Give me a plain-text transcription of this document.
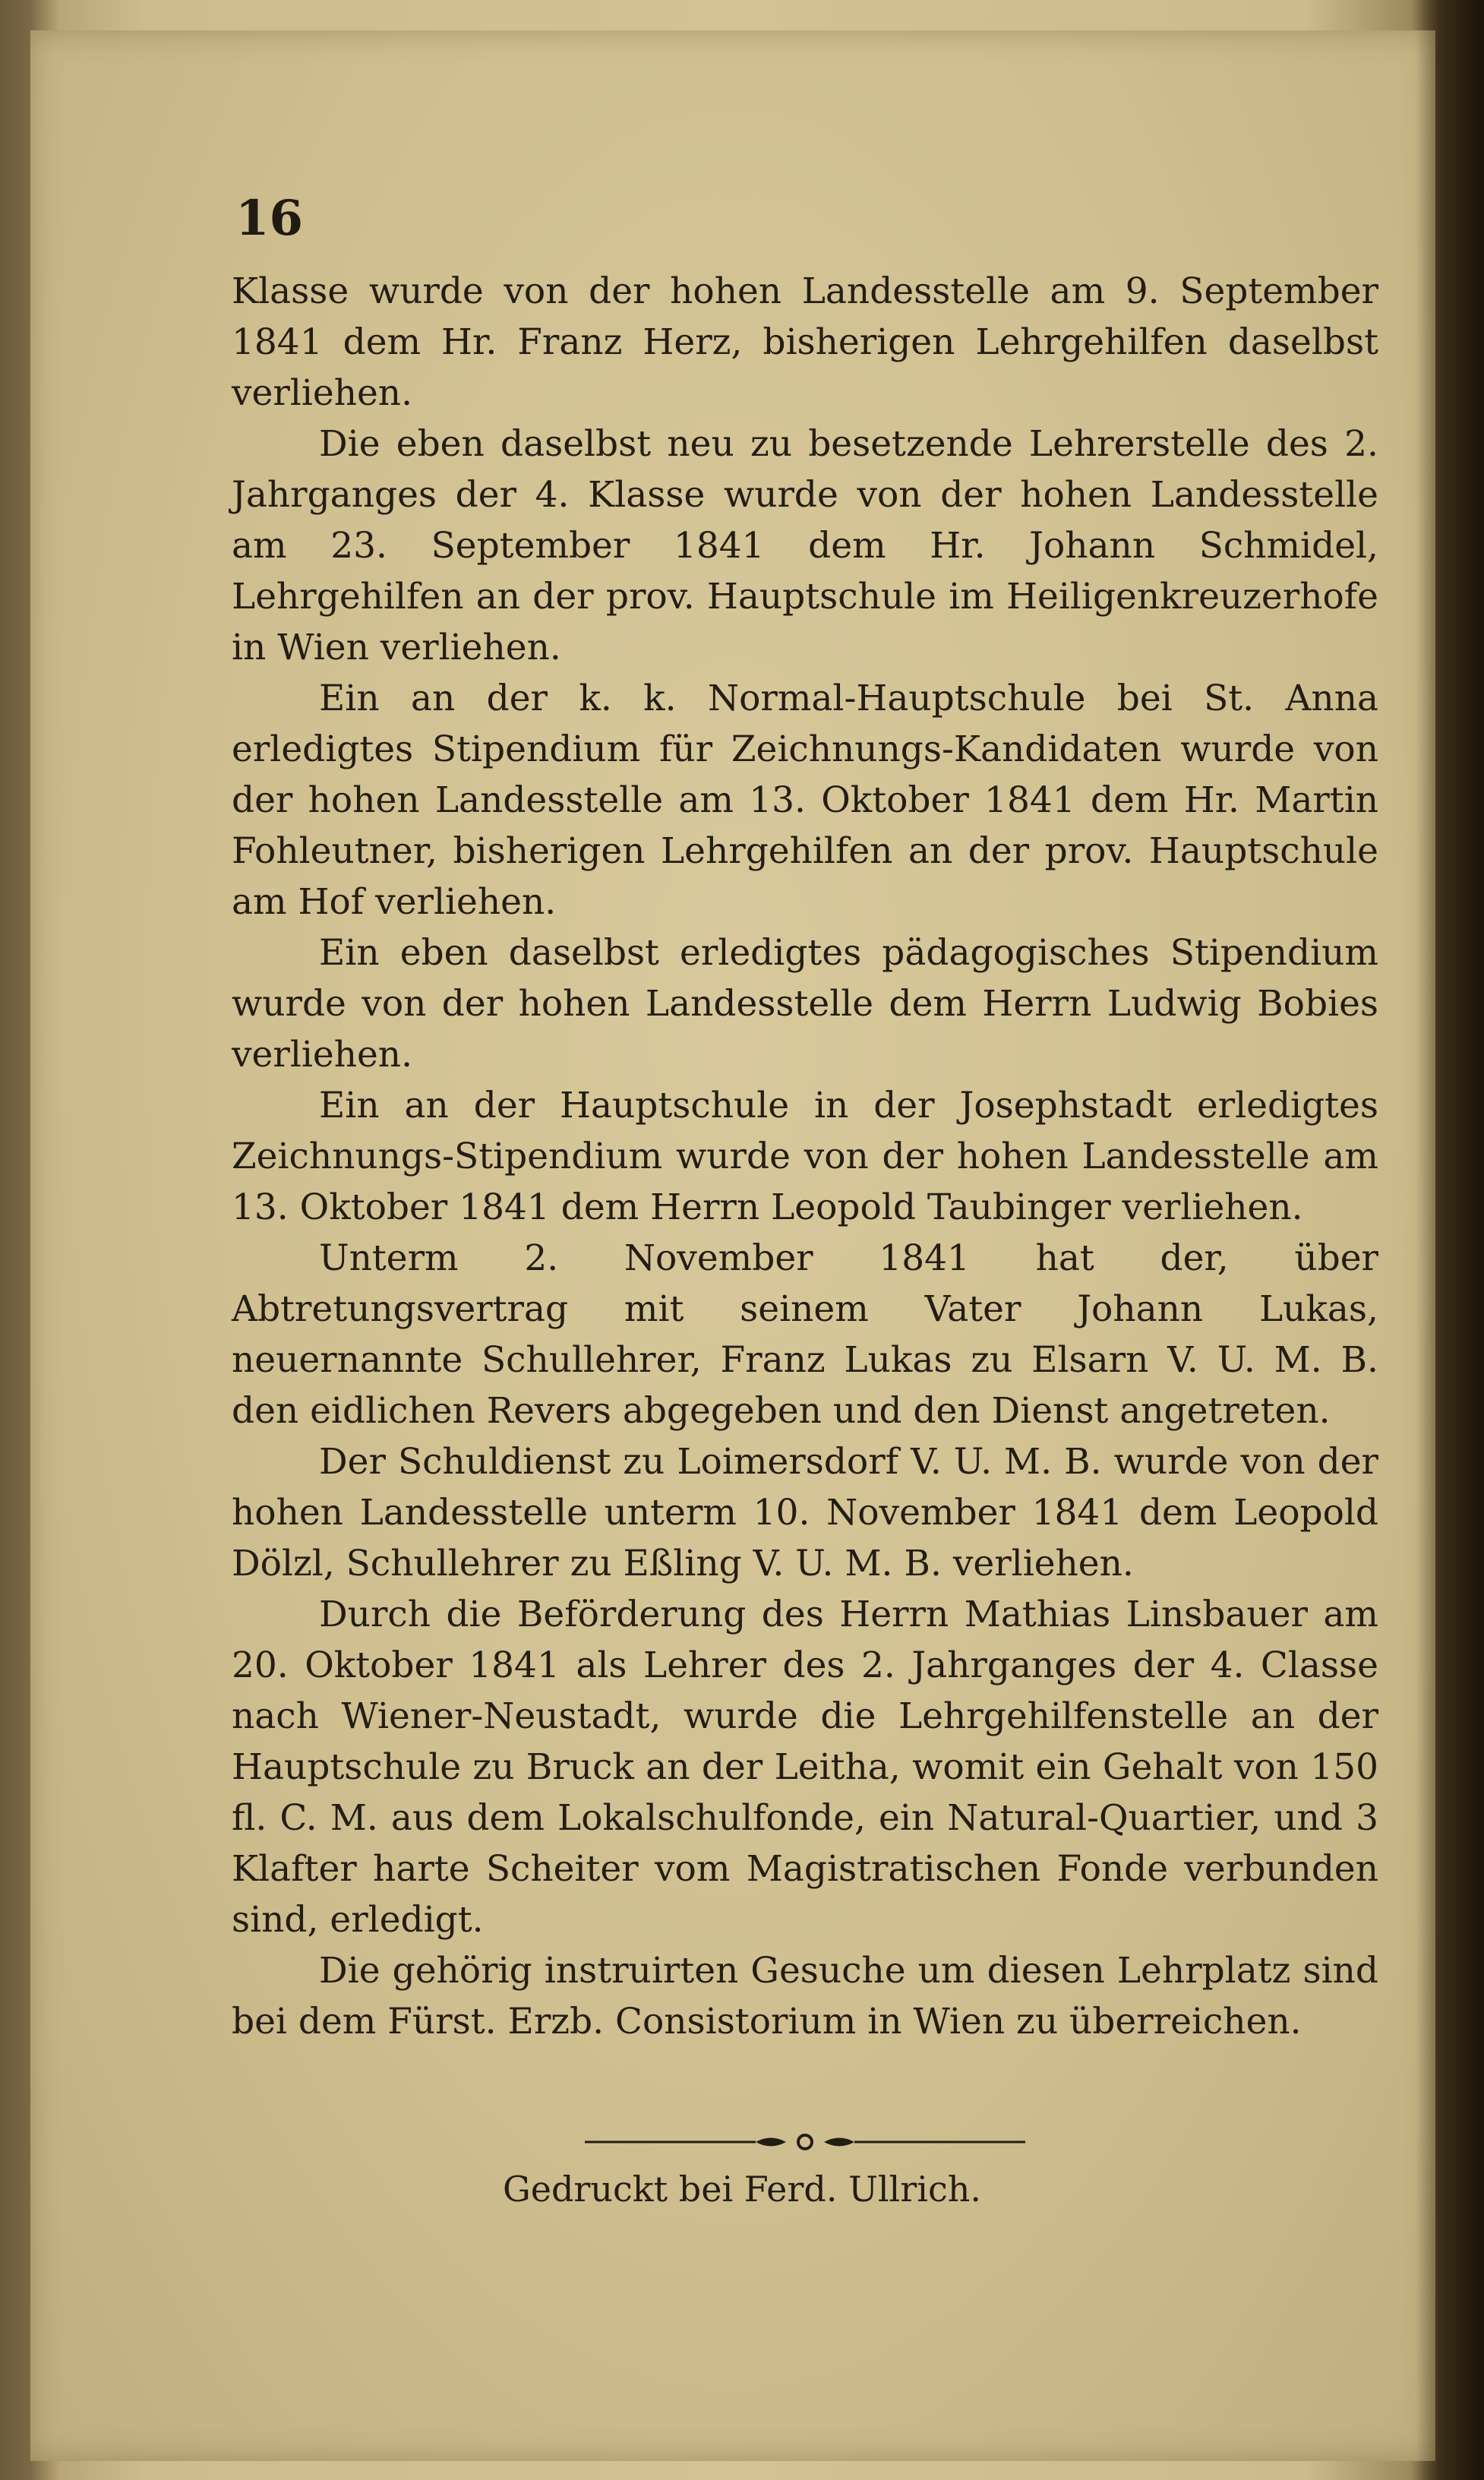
16

Klasse wurde von der hohen Landesstelle am 9. September 1841 dem Hr. Franz Herz, bisherigen Lehrgehilfen daselbst verliehen.

Die eben daselbst neu zu besetzende Lehrerstelle des 2. Jahrganges der 4. Klasse wurde von der hohen Landesstelle am 23. September 1841 dem Hr. Johann Schmidel, Lehrgehilfen an der prov. Hauptschule im Heiligenkreuzerhofe in Wien verliehen.

Ein an der k. k. Normal-Hauptschule bei St. Anna erledigtes Stipendium für Zeichnungs-Kandidaten wurde von der hohen Landesstelle am 13. Oktober 1841 dem Hr. Martin Fohleutner, bisherigen Lehrgehilfen an der prov. Hauptschule am Hof verliehen.

Ein eben daselbst erledigtes pädagogisches Stipendium wurde von der hohen Landesstelle dem Herrn Ludwig Bobies verliehen.

Ein an der Hauptschule in der Josephstadt erledigtes Zeichnungs-Stipendium wurde von der hohen Landesstelle am 13. Oktober 1841 dem Herrn Leopold Taubinger verliehen.

Unterm 2. November 1841 hat der, über Abtretungsvertrag mit seinem Vater Johann Lukas, neuernannte Schullehrer, Franz Lukas zu Elsarn V. U. M. B. den eidlichen Revers abgegeben und den Dienst angetreten.

Der Schuldienst zu Loimersdorf V. U. M. B. wurde von der hohen Landesstelle unterm 10. November 1841 dem Leopold Dölzl, Schullehrer zu Eßling V. U. M. B. verliehen.

Durch die Beförderung des Herrn Mathias Linsbauer am 20. Oktober 1841 als Lehrer des 2. Jahrganges der 4. Classe nach Wiener-Neustadt, wurde die Lehrgehilfenstelle an der Hauptschule zu Bruck an der Leitha, womit ein Gehalt von 150 fl. C. M. aus dem Lokalschulfonde, ein Natural-Quartier, und 3 Klafter harte Scheiter vom Magistratischen Fonde verbunden sind, erledigt.

Die gehörig instruirten Gesuche um diesen Lehrplatz sind bei dem Fürst. Erzb. Consistorium in Wien zu überreichen.

Gedruckt bei Ferd. Ullrich.
